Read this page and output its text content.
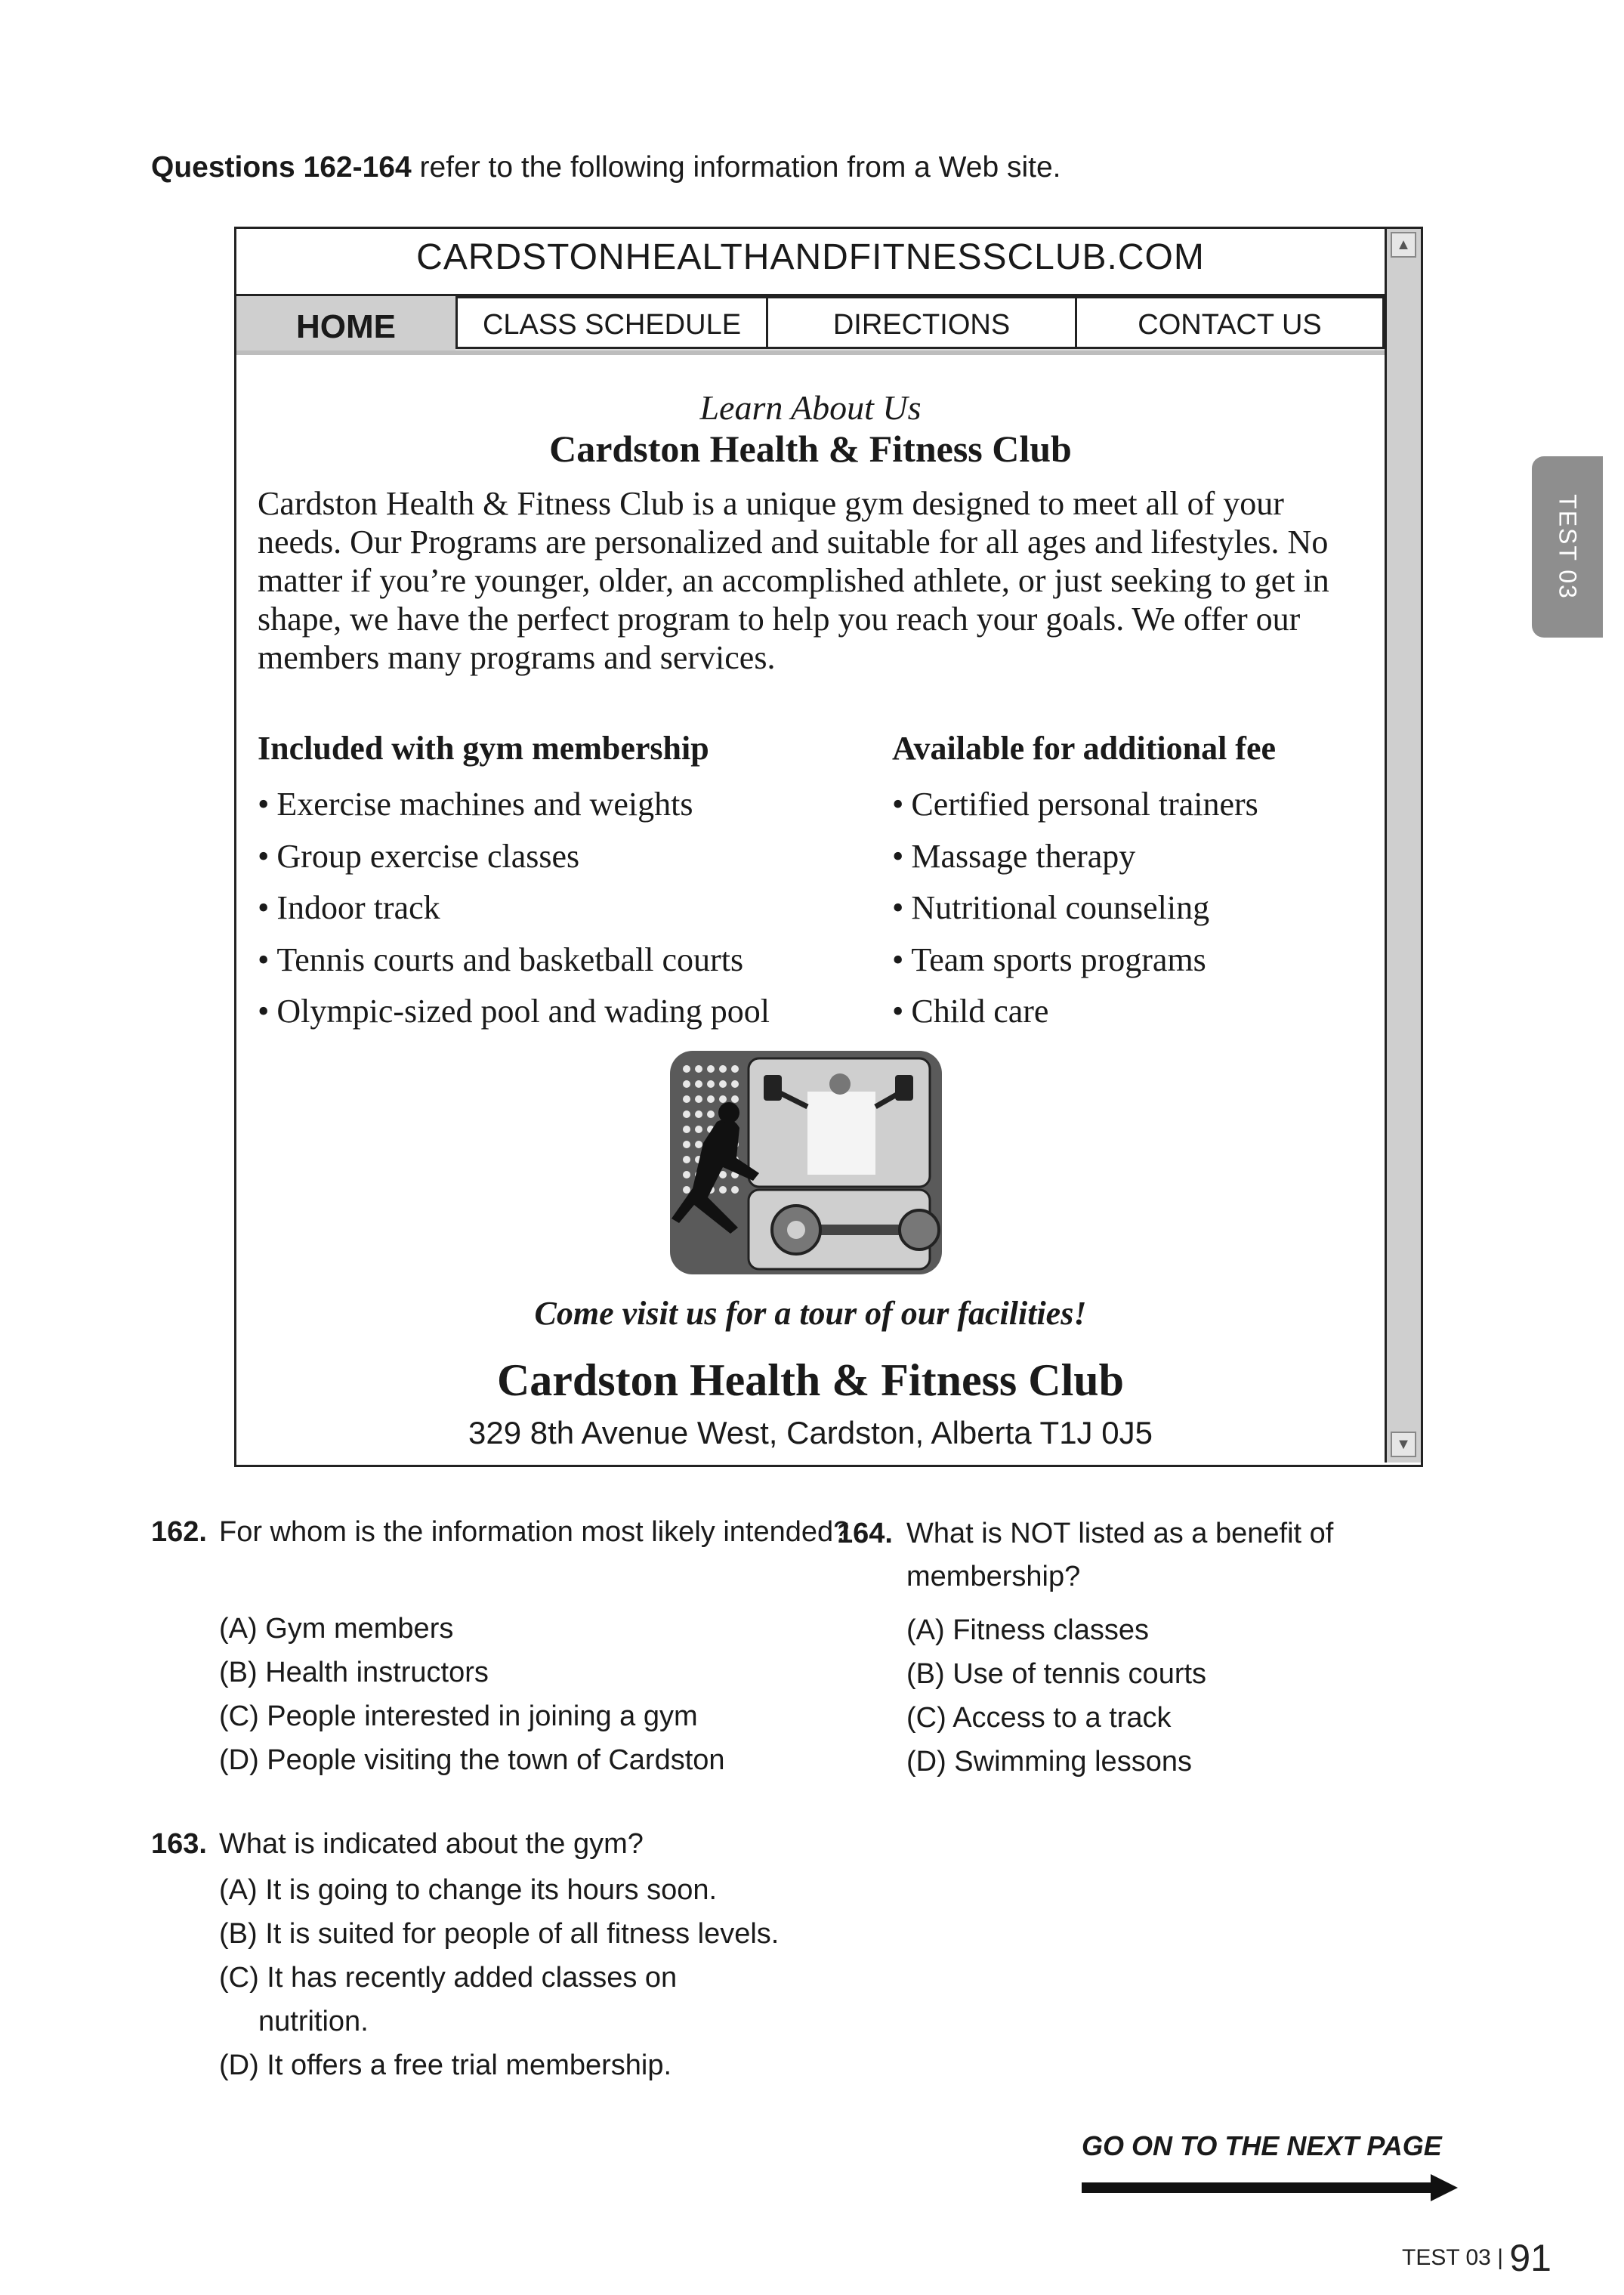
Questions 162-164 refer to the following information from a Web site.
CARDSTONHEALTHANDFITNESSCLUB.COM
HOME	CLASS SCHEDULE	DIRECTIONS	CONTACT US
▲
▼
Learn About Us
Cardston Health & Fitness Club
Cardston Health & Fitness Club is a unique gym designed to meet all of your needs. Our Programs are personalized and suitable for all ages and lifestyles. No matter if you’re younger, older, an accomplished athlete, or just seeking to get in shape, we have the perfect program to help you reach your goals. We offer our members many programs and services.
Included with gym membership
• Exercise machines and weights
• Group exercise classes
• Indoor track
• Tennis courts and basketball courts
• Olympic-sized pool and wading pool
Available for additional fee
• Certified personal trainers
• Massage therapy
• Nutritional counseling
• Team sports programs
• Child care
Come visit us for a tour of our facilities!
Cardston Health & Fitness Club
329 8th Avenue West, Cardston, Alberta T1J 0J5
TEST 03
162. For whom is the information most likely intended?
(A) Gym members
(B) Health instructors
(C) People interested in joining a gym
(D) People visiting the town of Cardston
164. What is NOT listed as a benefit of membership?
(A) Fitness classes
(B) Use of tennis courts
(C) Access to a track
(D) Swimming lessons
163. What is indicated about the gym?
(A) It is going to change its hours soon.
(B) It is suited for people of all fitness levels.
(C) It has recently added classes on
nutrition.
(D) It offers a free trial membership.
GO ON TO THE NEXT PAGE
TEST 03 | 91
